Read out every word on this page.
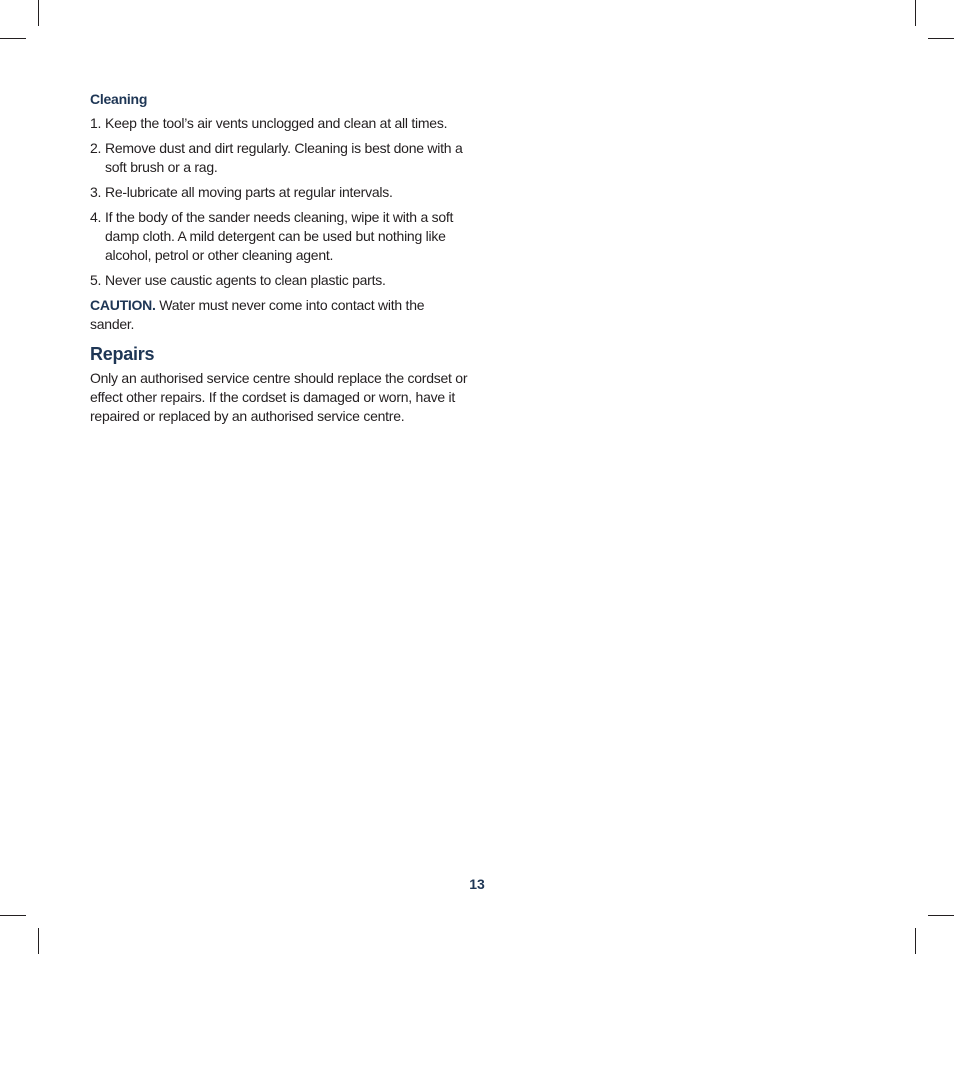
Cleaning
1. Keep the tool’s air vents unclogged and clean at all times.
2. Remove dust and dirt regularly. Cleaning is best done with a soft brush or a rag.
3. Re-lubricate all moving parts at regular intervals.
4. If the body of the sander needs cleaning, wipe it with a soft damp cloth. A mild detergent can be used but nothing like alcohol, petrol or other cleaning agent.
5. Never use caustic agents to clean plastic parts.

CAUTION. Water must never come into contact with the sander.

Repairs

Only an authorised service centre should replace the cordset or effect other repairs. If the cordset is damaged or worn, have it repaired or replaced by an authorised service centre.

13
